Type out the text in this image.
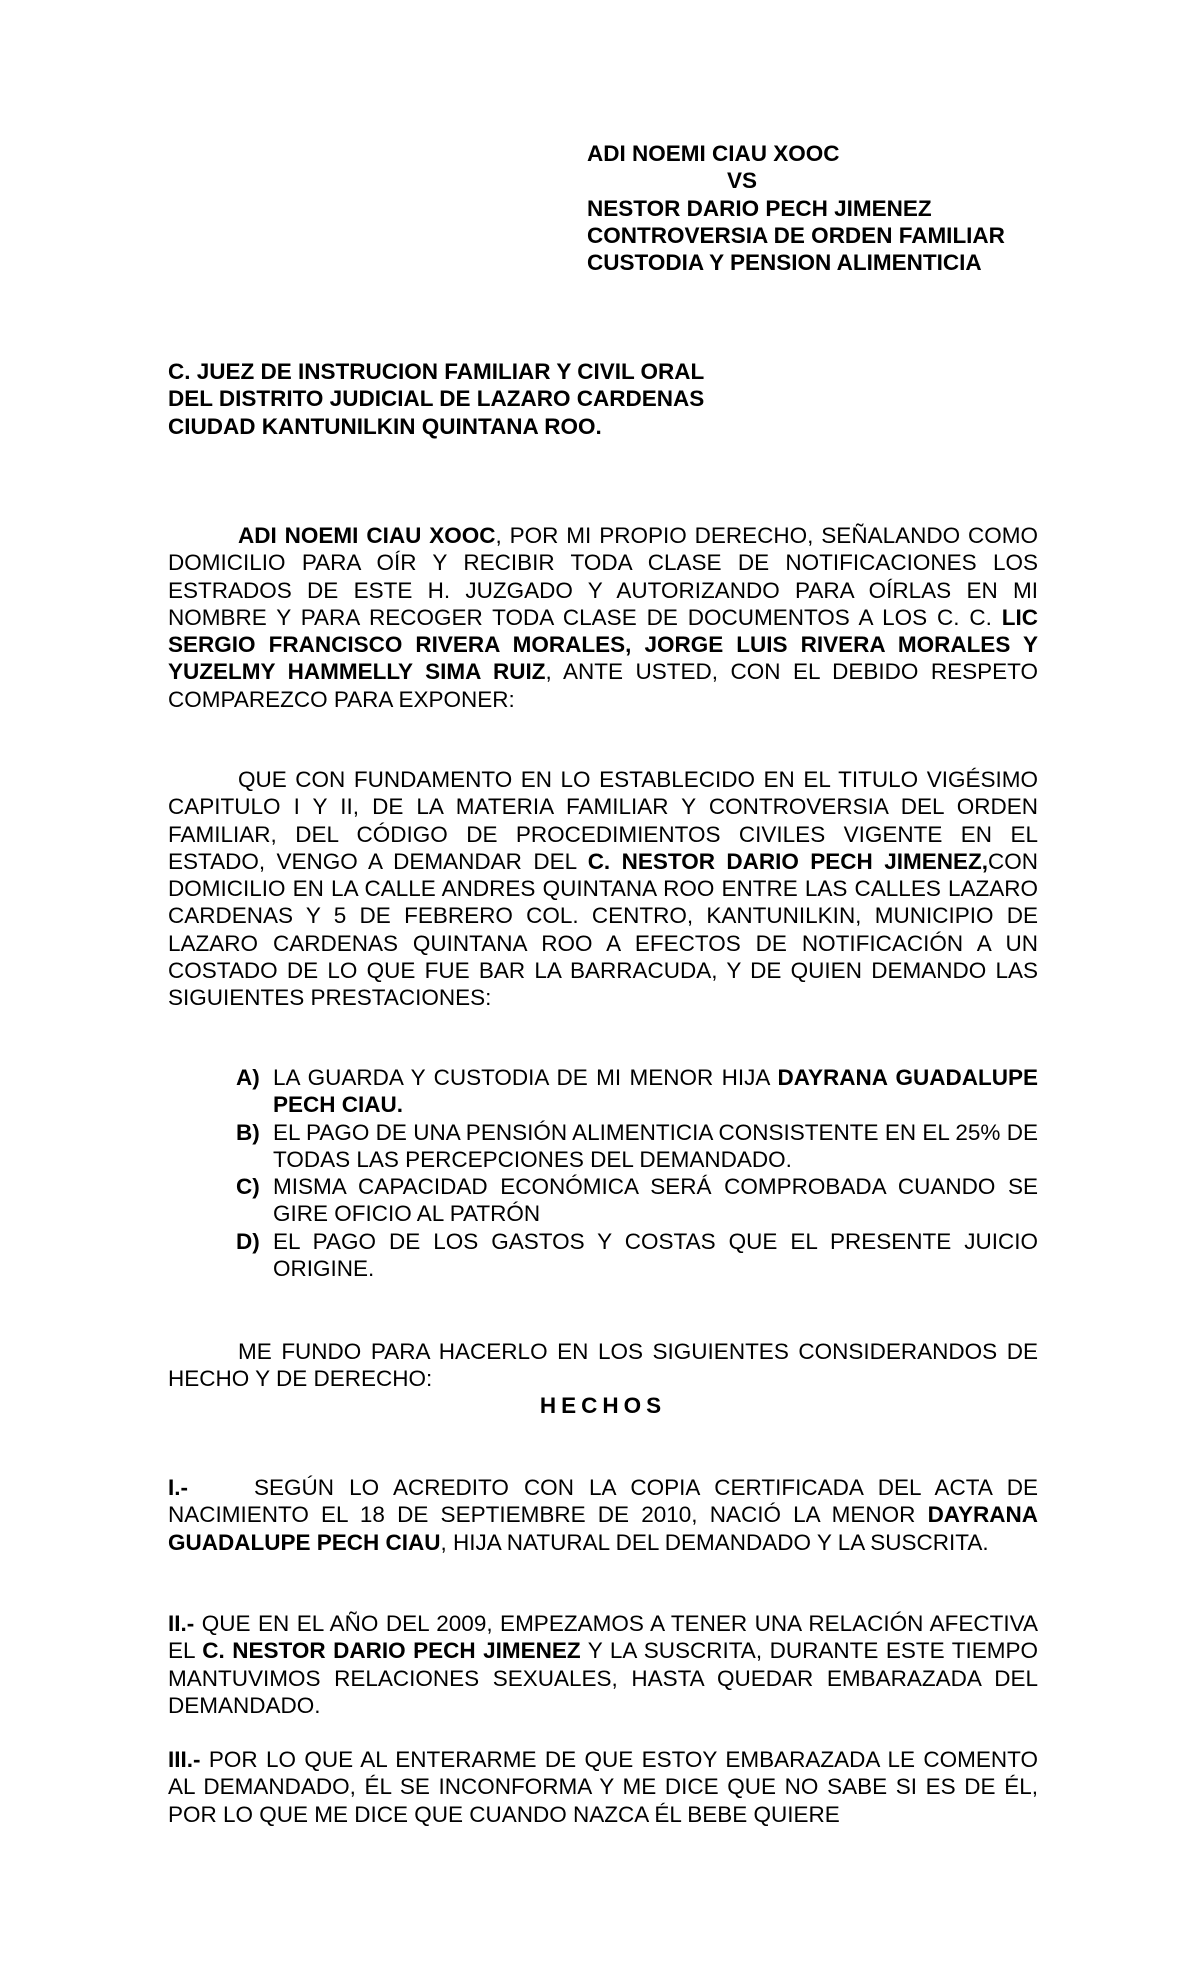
ADI NOEMI CIAU XOOC
VS
NESTOR DARIO PECH JIMENEZ
CONTROVERSIA DE ORDEN FAMILIAR
CUSTODIA Y PENSION ALIMENTICIA
C. JUEZ DE INSTRUCION FAMILIAR Y CIVIL ORAL
DEL DISTRITO JUDICIAL DE LAZARO CARDENAS
CIUDAD KANTUNILKIN QUINTANA ROO.

ADI NOEMI CIAU XOOC, POR MI PROPIO DERECHO, SEÑALANDO COMO DOMICILIO PARA OÍR Y RECIBIR TODA CLASE DE NOTIFICACIONES LOS ESTRADOS DE ESTE H. JUZGADO Y AUTORIZANDO PARA OÍRLAS EN MI NOMBRE Y PARA RECOGER TODA CLASE DE DOCUMENTOS A LOS C. C. LIC SERGIO FRANCISCO RIVERA MORALES, JORGE LUIS RIVERA MORALES Y YUZELMY HAMMELLY SIMA RUIZ, ANTE USTED, CON EL DEBIDO RESPETO COMPAREZCO PARA EXPONER:

QUE CON FUNDAMENTO EN LO ESTABLECIDO EN EL TITULO VIGÉSIMO CAPITULO I Y II, DE LA MATERIA FAMILIAR Y CONTROVERSIA DEL ORDEN FAMILIAR, DEL CÓDIGO DE PROCEDIMIENTOS CIVILES VIGENTE EN EL ESTADO, VENGO A DEMANDAR DEL C. NESTOR DARIO PECH JIMENEZ,CON DOMICILIO EN LA CALLE ANDRES QUINTANA ROO ENTRE LAS CALLES LAZARO CARDENAS Y 5 DE FEBRERO COL. CENTRO, KANTUNILKIN, MUNICIPIO DE LAZARO CARDENAS QUINTANA ROO A EFECTOS DE NOTIFICACIÓN A UN COSTADO DE LO QUE FUE BAR LA BARRACUDA, Y DE QUIEN DEMANDO LAS SIGUIENTES PRESTACIONES:

A) LA GUARDA Y CUSTODIA DE MI MENOR HIJA DAYRANA GUADALUPE PECH CIAU.
B) EL PAGO DE UNA PENSIÓN ALIMENTICIA CONSISTENTE EN EL 25% DE TODAS LAS PERCEPCIONES DEL DEMANDADO.
C) MISMA CAPACIDAD ECONÓMICA SERÁ COMPROBADA CUANDO SE GIRE OFICIO AL PATRÓN
D) EL PAGO DE LOS GASTOS Y COSTAS QUE EL PRESENTE JUICIO ORIGINE.

ME FUNDO PARA HACERLO EN LOS SIGUIENTES CONSIDERANDOS DE HECHO Y DE DERECHO:

HECHOS

I.-	SEGÚN LO ACREDITO CON LA COPIA CERTIFICADA DEL ACTA DE NACIMIENTO EL 18 DE SEPTIEMBRE DE 2010, NACIÓ LA MENOR DAYRANA GUADALUPE PECH CIAU, HIJA NATURAL DEL DEMANDADO Y LA SUSCRITA.

II.- QUE EN EL AÑO DEL 2009, EMPEZAMOS A TENER UNA RELACIÓN AFECTIVA EL C. NESTOR DARIO PECH JIMENEZ Y LA SUSCRITA, DURANTE ESTE TIEMPO MANTUVIMOS RELACIONES SEXUALES, HASTA QUEDAR EMBARAZADA DEL DEMANDADO.

III.- POR LO QUE AL ENTERARME DE QUE ESTOY EMBARAZADA LE COMENTO AL DEMANDADO, ÉL SE INCONFORMA Y ME DICE QUE NO SABE SI ES DE ÉL, POR LO QUE ME DICE QUE CUANDO NAZCA ÉL BEBE QUIERE
